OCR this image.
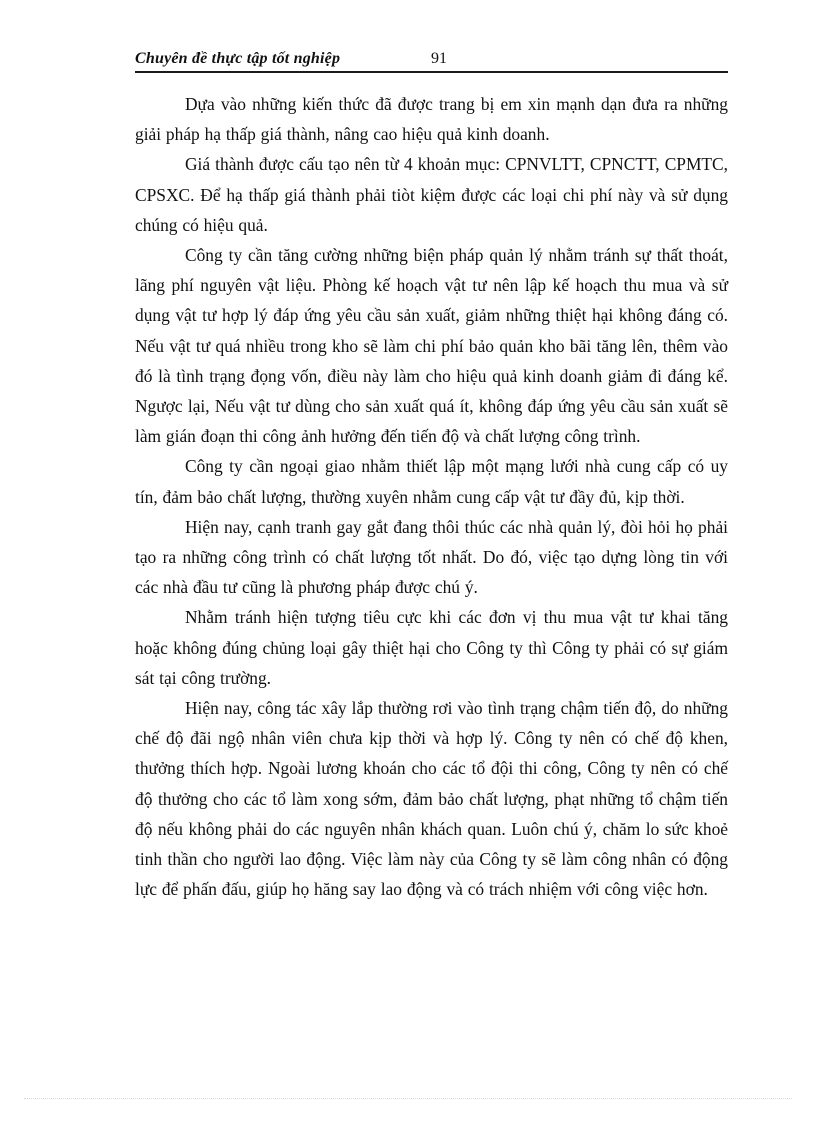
Chuyên đề thực tập tốt nghiệp	91

Dựa vào những kiến thức đã được trang bị em xin mạnh dạn đưa ra những giải pháp hạ thấp giá thành, nâng cao hiệu quả kinh doanh.

Giá thành được cấu tạo nên từ 4 khoản mục: CPNVLTT, CPNCTT, CPMTC, CPSXC. Để hạ thấp giá thành phải tiòt kiệm được các loại chi phí này và sử dụng chúng có hiệu quả.

Công ty cần tăng cường những biện pháp quản lý nhằm tránh sự thất thoát, lãng phí nguyên vật liệu. Phòng kế hoạch vật tư nên lập kế hoạch thu mua và sử dụng vật tư hợp lý đáp ứng yêu cầu sản xuất, giảm những thiệt hại không đáng có. Nếu vật tư quá nhiều trong kho sẽ làm chi phí bảo quản kho bãi tăng lên, thêm vào đó là tình trạng đọng vốn, điều này làm cho hiệu quả kinh doanh giảm đi đáng kể. Ngược lại, Nếu vật tư dùng cho sản xuất quá ít, không đáp ứng yêu cầu sản xuất sẽ làm gián đoạn thi công ảnh hưởng đến tiến độ và chất lượng công trình.

Công ty cần ngoại giao nhằm thiết lập một mạng lưới nhà cung cấp có uy tín, đảm bảo chất lượng, thường xuyên nhằm cung cấp vật tư đầy đủ, kịp thời.

Hiện nay, cạnh tranh gay gắt đang thôi thúc các nhà quản lý, đòi hỏi họ phải tạo ra những công trình có chất lượng tốt nhất. Do đó, việc tạo dựng lòng tin với các nhà đầu tư cũng là phương pháp được chú ý.

Nhằm tránh hiện tượng tiêu cực khi các đơn vị thu mua vật tư khai tăng hoặc không đúng chủng loại gây thiệt hại cho Công ty thì Công ty phải có sự giám sát tại công trường.

Hiện nay, công tác xây lắp thường rơi vào tình trạng chậm tiến độ, do những chế độ đãi ngộ nhân viên chưa kịp thời và hợp lý. Công ty nên có chế độ khen, thưởng thích hợp. Ngoài lương khoán cho các tổ đội thi công, Công ty nên có chế độ thưởng cho các tổ làm xong sớm, đảm bảo chất lượng, phạt những tổ chậm tiến độ nếu không phải do các nguyên nhân khách quan. Luôn chú ý, chăm lo sức khoẻ tinh thần cho người lao động. Việc làm này của Công ty sẽ làm công nhân có động lực để phấn đấu, giúp họ hăng say lao động và có trách nhiệm với công việc hơn.
